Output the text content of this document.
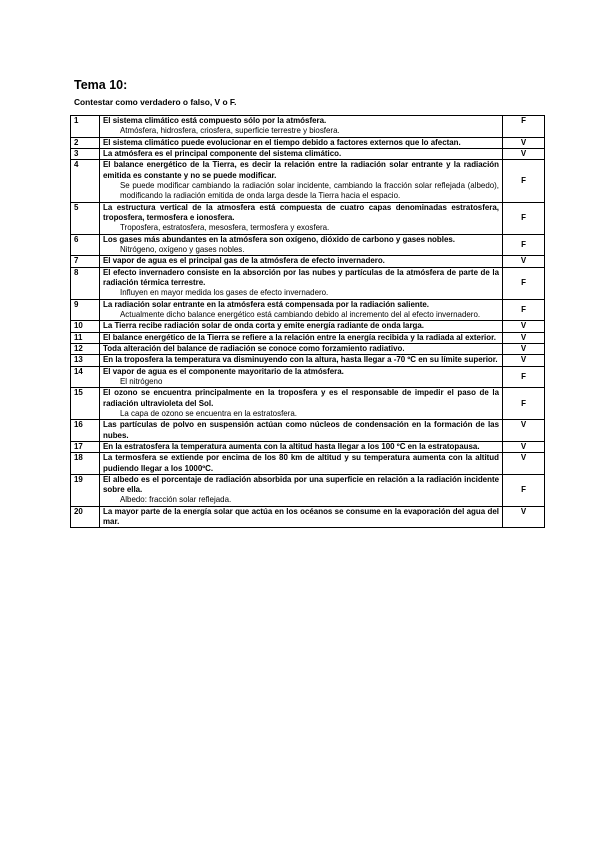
Tema 10:

Contestar como verdadero o falso, V o F.

1	El sistema climático está compuesto sólo por la atmósfera.
Atmósfera, hidrosfera, criosfera, superficie terrestre y biosfera.	F
2	El sistema climático puede evolucionar en el tiempo debido a factores externos que lo afectan.	V
3	La atmósfera es el principal componente del sistema climático.	V
4	El balance energético de la Tierra, es decir la relación entre la radiación solar entrante y la radiación emitida es constante y no se puede modificar.
Se puede modificar cambiando la radiación solar incidente, cambiando la fracción solar reflejada (albedo), modificando la radiación emitida de onda larga desde la Tierra hacia el espacio.	F
5	La estructura vertical de la atmosfera está compuesta de cuatro capas denominadas estratosfera, troposfera, termosfera e ionosfera.
Troposfera, estratosfera, mesosfera, termosfera y exosfera.	F
6	Los gases más abundantes en la atmósfera son oxígeno, dióxido de carbono y gases nobles.
Nitrógeno, oxígeno y gases nobles.	F
7	El vapor de agua es el principal gas de la atmósfera de efecto invernadero.	V
8	El efecto invernadero consiste en la absorción por las nubes y partículas de la atmósfera de parte de la radiación térmica terrestre.
Influyen en mayor medida los gases de efecto invernadero.	F
9	La radiación solar entrante en la atmósfera está compensada por la radiación saliente.
Actualmente dicho balance energético está cambiando debido al incremento del al efecto invernadero.	F
10	La Tierra recibe radiación solar de onda corta y emite energía radiante de onda larga.	V
11	El balance energético de la Tierra se refiere a la relación entre la energía recibida y la radiada al exterior.	V
12	Toda alteración del balance de radiación se conoce como forzamiento radiativo.	V
13	En la troposfera la temperatura va disminuyendo con la altura, hasta llegar a -70 ºC en su límite superior.	V
14	El vapor de agua es el componente mayoritario de la atmósfera.
El nitrógeno	F
15	El ozono se encuentra principalmente en la troposfera y es el responsable de impedir el paso de la radiación ultravioleta del Sol.
La capa de ozono se encuentra en la estratosfera.	F
16	Las partículas de polvo en suspensión actúan como núcleos de condensación en la formación de las nubes.	V
17	En la estratosfera la temperatura aumenta con la altitud hasta llegar a los 100 ºC en la estratopausa.	V
18	La termosfera se extiende por encima de los 80 km de altitud y su temperatura aumenta con la altitud pudiendo llegar a los 1000ºC.	V
19	El albedo es el porcentaje de radiación absorbida por una superficie en relación a la radiación incidente sobre ella.
Albedo: fracción solar reflejada.	F
20	La mayor parte de la energía solar que actúa en los océanos se consume en la evaporación del agua del mar.	V
